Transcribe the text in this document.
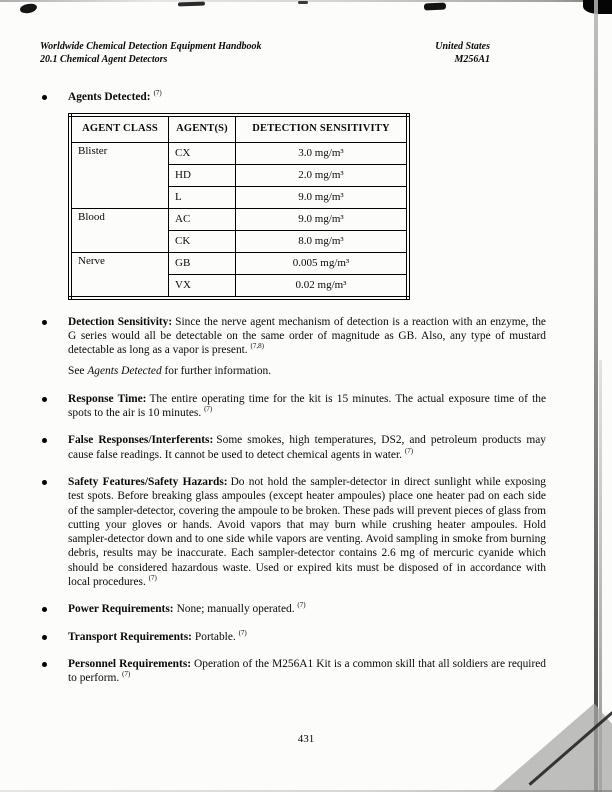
Worldwide Chemical Detection Equipment Handbook
20.1 Chemical Agent Detectors
United States
M256A1
Agents Detected: $^{(7)}$
AGENT CLASS	AGENT(S)	DETECTION SENSITIVITY
Blister	CX	3.0 mg/m³
	HD	2.0 mg/m³
	L	9.0 mg/m³
Blood	AC	9.0 mg/m³
	CK	8.0 mg/m³
Nerve	GB	0.005 mg/m³
	VX	0.02 mg/m³
Detection Sensitivity: Since the nerve agent mechanism of detection is a reaction with an enzyme, the G series would all be detectable on the same order of magnitude as GB. Also, any type of mustard detectable as long as a vapor is present. $^{(7,8)}$

See Agents Detected for further information.

Response Time: The entire operating time for the kit is 15 minutes. The actual exposure time of the spots to the air is 10 minutes. $^{(7)}$
False Responses/Interferents: Some smokes, high temperatures, DS2, and petroleum products may cause false readings. It cannot be used to detect chemical agents in water. $^{(7)}$
Safety Features/Safety Hazards: Do not hold the sampler-detector in direct sunlight while exposing test spots. Before breaking glass ampoules (except heater ampoules) place one heater pad on each side of the sampler-detector, covering the ampoule to be broken. These pads will prevent pieces of glass from cutting your gloves or hands. Avoid vapors that may burn while crushing heater ampoules. Hold sampler-detector down and to one side while vapors are venting. Avoid sampling in smoke from burning debris, results may be inaccurate. Each sampler-detector contains 2.6 mg of mercuric cyanide which should be considered hazardous waste. Used or expired kits must be disposed of in accordance with local procedures. $^{(7)}$
Power Requirements: None; manually operated. $^{(7)}$
Transport Requirements: Portable. $^{(7)}$
Personnel Requirements: Operation of the M256A1 Kit is a common skill that all soldiers are required to perform. $^{(7)}$
431
